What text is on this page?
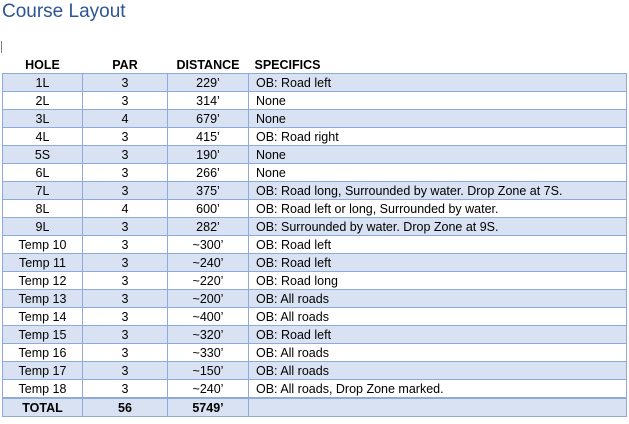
Course Layout
HOLE	PAR	DISTANCE	SPECIFICS
1L	3	229’	OB: Road left
2L	3	314’	None
3L	4	679’	None
4L	3	415’	OB: Road right
5S	3	190’	None
6L	3	266’	None
7L	3	375’	OB: Road long, Surrounded by water. Drop Zone at 7S.
8L	4	600’	OB: Road left or long, Surrounded by water.
9L	3	282’	OB: Surrounded by water. Drop Zone at 9S.
Temp 10	3	~300’	OB: Road left
Temp 11	3	~240’	OB: Road left
Temp 12	3	~220’	OB: Road long
Temp 13	3	~200’	OB: All roads
Temp 14	3	~400’	OB: All roads
Temp 15	3	~320’	OB: Road left
Temp 16	3	~330’	OB: All roads
Temp 17	3	~150’	OB: All roads
Temp 18	3	~240’	OB: All roads, Drop Zone marked.
TOTAL	56	5749’	
